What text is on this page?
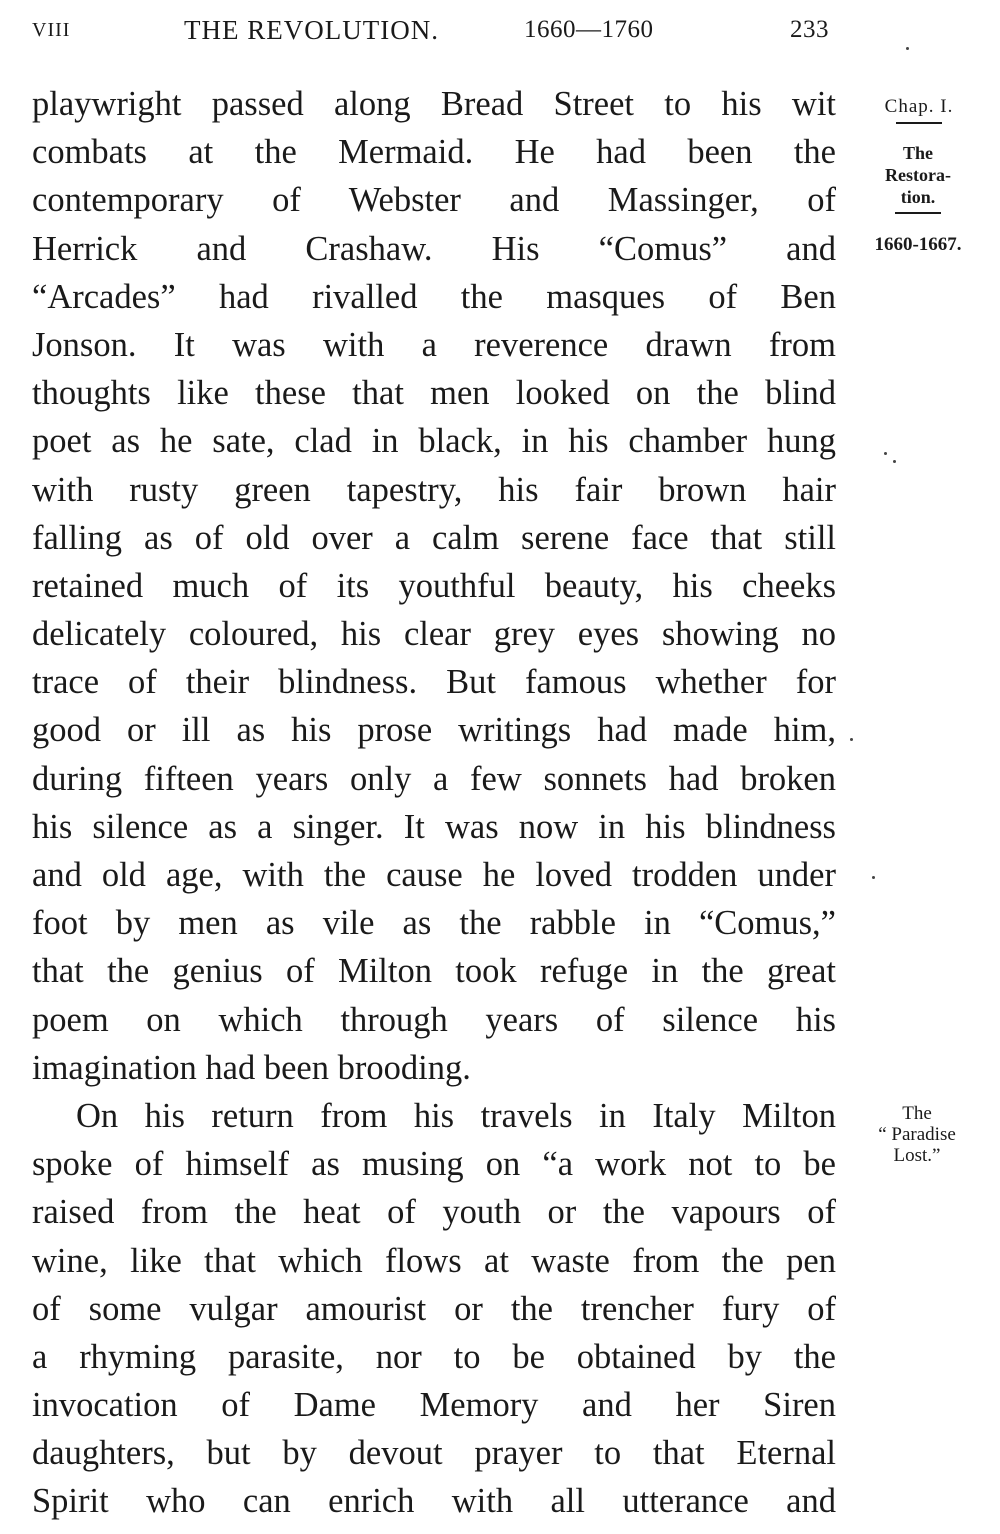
VIII	THE REVOLUTION.	1660—1760	233
playwright passed along Bread Street to his wit
combats at the Mermaid. He had been the
contemporary of Webster and Massinger, of
Herrick and Crashaw. His “Comus” and
“Arcades” had rivalled the masques of Ben
Jonson. It was with a reverence drawn from
thoughts like these that men looked on the blind
poet as he sate, clad in black, in his chamber hung
with rusty green tapestry, his fair brown hair
falling as of old over a calm serene face that still
retained much of its youthful beauty, his cheeks
delicately coloured, his clear grey eyes showing no
trace of their blindness. But famous whether for
good or ill as his prose writings had made him,
during fifteen years only a few sonnets had broken
his silence as a singer. It was now in his blindness
and old age, with the cause he loved trodden under
foot by men as vile as the rabble in “Comus,”
that the genius of Milton took refuge in the great
poem on which through years of silence his
imagination had been brooding.
On his return from his travels in Italy Milton
spoke of himself as musing on “a work not to be
raised from the heat of youth or the vapours of
wine, like that which flows at waste from the pen
of some vulgar amourist or the trencher fury of
a rhyming parasite, nor to be obtained by the
invocation of Dame Memory and her Siren
daughters, but by devout prayer to that Eternal
Spirit who can enrich with all utterance and
Chap. I.
The
Restora-
tion.
1660-1667.
The
“ Paradise
Lost.”
